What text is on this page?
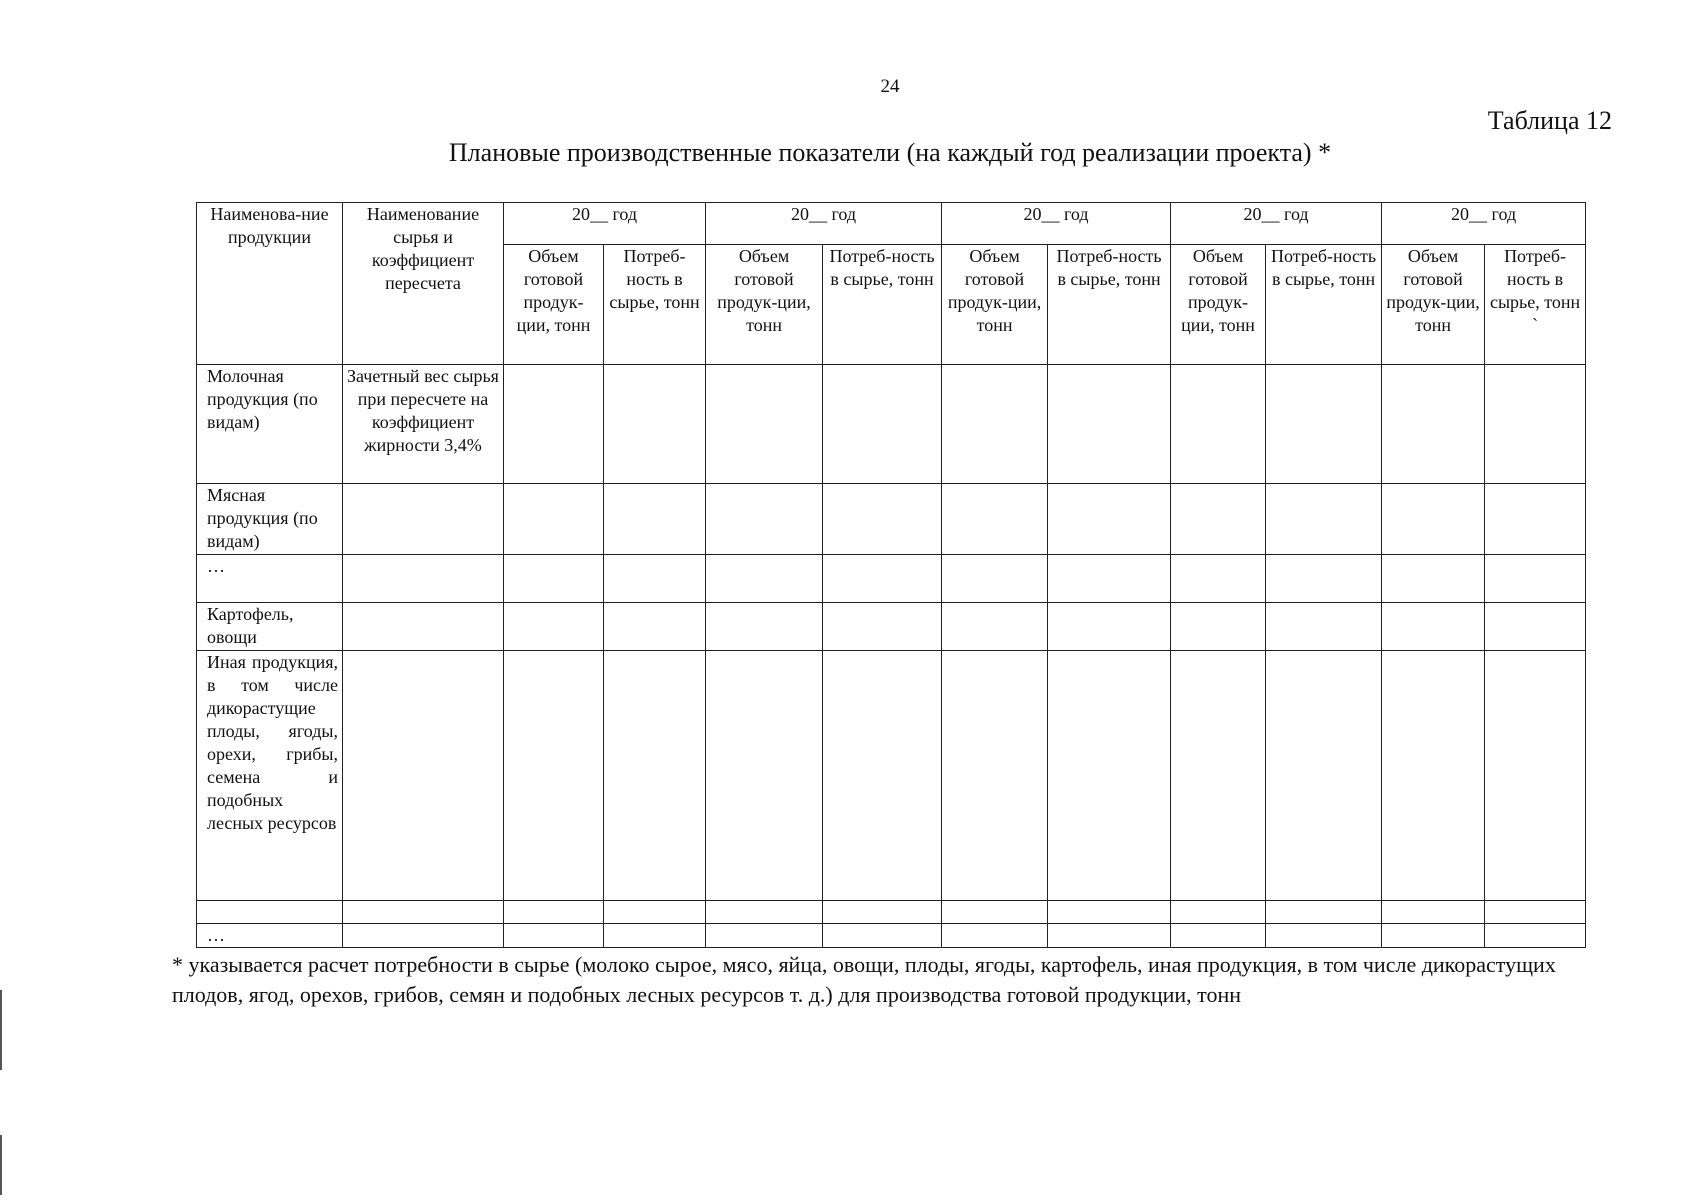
24
Таблица 12
Плановые производственные показатели (на каждый год реализации проекта) *
Наименова-ние продукции	Наименование сырья и коэффициент пересчета	20__ год		20__ год		20__ год		20__ год		20__ год	
		Объем готовой продук-ции, тонн	Потреб-ность в сырье, тонн	Объем готовой продук-ции, тонн	Потреб-ность в сырье, тонн	Объем готовой продук-ции, тонн	Потреб-ность в сырье, тонн	Объем готовой продук-ции, тонн	Потреб-ность в сырье, тонн	Объем готовой продук-ции, тонн	Потреб-ность в сырье, тонн `
Молочная продукция (по видам)	Зачетный вес сырья при пересчете на коэффициент жирности 3,4%										
Мясная продукция (по видам)											
…											
Картофель, овощи											
Иная продукция, в том числе дикорастущие плоды, ягоды, орехи, грибы, семена и подобных лесных ресурсов											

…											
* указывается расчет потребности в сырье (молоко сырое, мясо, яйца, овощи, плоды, ягоды, картофель, иная продукция, в том числе дикорастущих плодов, ягод, орехов, грибов, семян и подобных лесных ресурсов т. д.) для производства готовой продукции, тонн
